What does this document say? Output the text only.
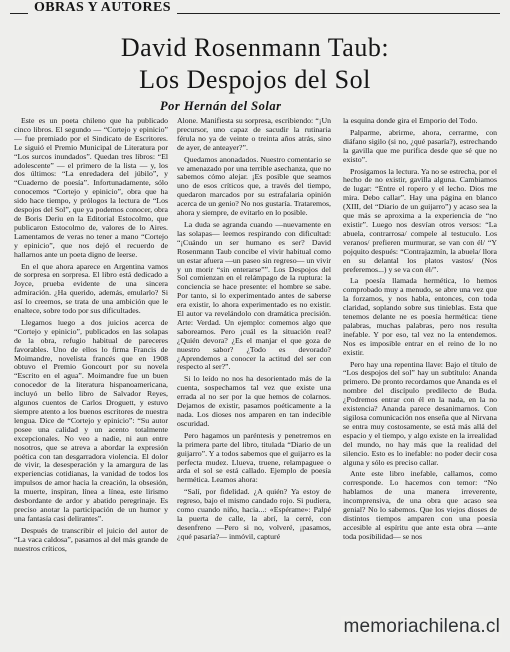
OBRAS Y AUTORES
David Rosenmann Taub:
Los Despojos del Sol
Por Hernán del Solar

Este es un poeta chileno que ha publicado cinco libros. El segundo — “Cortejo y epinicio” — fue premiado por el Sindicato de Escritores. Le siguió el Premio Municipal de Literatura por “Los surcos inundados”. Quedan tres libros: “El adolescente” — el primero de la lista — y, los dos últimos: “La enredadera del júbilo”, y “Cuaderno de poesía”. Infortunadamente, sólo conocemos “Cortejo y epinicio”, obra que ha sido hace tiempo, y prólogos la lectura de “Los despojos del Sol”, que ya podemos conocer, obra de Boris Deriu en la Editorial Estocolmo, que publicaron Estocolmo de, valores de lo Aires. Lamentamos de veras no tener a mano “Cortejo y epinicio”, que nos dejó el recuerdo de hallarnos ante un poeta digno de leerse.

En el que ahora aparece en Argentina vamos de sorpresa en sorpresa. El libro está dedicado a Joyce, prueba evidente de una sincera admiración. ¿Ha querido, además, emularlo? Si así lo creemos, se trata de una ambición que le enaltece, sobre todo por sus dificultades.

Llegamos luego a dos juicios acerca de “Cortejo y epinicio”, publicados en las solapas de la obra, refugio habitual de pareceres favorables. Uno de ellos lo firma Francis de Moimandre, novelista francés que en 1908 obtuvo el Premio Goncourt por su novela “Escrito en el agua”. Moimandre fue un buen conocedor de la literatura hispanoamericana, incluyó un bello libro de Salvador Reyes, algunos cuentos de Carlos Droguett, y estuvo siempre atento a los buenos escritores de nuestra lengua. Dice de “Cortejo y epinicio”: “Su autor posee una calidad y un acento totalmente excepcionales. No veo a nadie, ni aun entre nosotros, que se atreva a abordar la expresión poética con tan desgarradora violencia. El dolor de vivir, la desesperación y la amargura de las experiencias cotidianas, la vanidad de todos los impulsos de amor hacia la creación, la obsesión, la muerte, inspiran, línea a línea, este lirismo desbordante de ardor y abatido peregrinaje. Es preciso anotar la participación de un humor y una fantasía casi delirantes”.

Después de transcribir el juicio del autor de “La vaca caldosa”, pasamos al del más grande de nuestros críticos,

Alone. Manifiesta su sorpresa, escribiendo: “¡Un precursor, uno capaz de sacudir la rutinaria férula no ya de veinte o treinta años atrás, sino de ayer, de anteayer?”.

Quedamos anonadados. Nuestro comentario se ve amenazado por una terrible asechanza, que no sabemos cómo alejar. ¡Es posible que seamos uno de esos críticos que, a través del tiempo, quedaron marcados por su estrafalaria opinión acerca de un genio? No nos gustaría. Trataremos, ahora y siempre, de evitarlo en lo posible.

La duda se agranda cuando —nuevamente en las solapas— leemos respirando con dificultad: “¡Cuándo un ser humano es ser? David Rosenmann Taub concibe el vivir habitual como un estar afuera —un paseo sin regreso— un vivir y un morir “sin enterarse””. Los Despojos del Sol comienzan en el relámpago de la ruptura: la conciencia se hace presente: el hombre se sabe. Por tanto, si lo experimentado antes de saberse era existir, lo ahora experimentado es no existir. El autor va revelándolo con dramática precisión. Arte: Verdad. Un ejemplo: comemos algo que saboreamos. Pero ¡cuál es la situación real? ¿Quién devora? ¿Es el manjar el que goza de nuestro sabor? ¿Todo es devorado? ¿Aprendemos a conocer la actitud del ser con respecto al ser?”.

Si lo leído no nos ha desorientado más de la cuenta, sospechamos tal vez que existe una errada al no ser por la que hemos de colarnos. Dejamos de existir, pasamos poéticamente a la nada. Los dioses nos amparen en tan indecible oscuridad.

Pero hagamos un paréntesis y penetremos en la primera parte del libro, titulada “Diario de un guijarro”. Y a todos sabemos que el guijarro es la perfecta mudez. Llueva, truene, relampaguee o arda el sol se está callado. Ejemplo de poesía hermética. Leamos ahora:

“Salí, por fidelidad. ¿A quién? Ya estoy de regreso, bajo el mismo candado rojo. Si pudiera, como cuando niño, hacia...: «Espérame»: Palpé la puerta de calle, la abrí, la cerré, con desenfreno —Pero si no, volveré, ¡pasamos, ¿qué pasaría?— inmóvil, capturé

la esquina donde gira el Emporio del Todo.

Palparme, abrirme, ahora, cerrarme, con diáfano sigilo (si no, ¿qué pasaría?), estrechando la gavilla que me purifica desde que sé que no existo”.

Prosigamos la lectura. Ya no se estrecha, por el hecho de no existir, gavilla alguna. Cambiamos de lugar: “Entre el ropero y el lecho. Dios me mira. Debo callar”. Hay una página en blanco (XIII, del “Diario de un guijarro”) y acaso sea la que más se aproxima a la experiencia de “no existir”. Luego nos desvían otros versos: “La abuela, contrarrosa/ compele al testuculo. Los veranos/ prefieren murmurar, se van con él/ “Y pojquito después: “Contrajazmín, la abuela/ llora en su delantal los platos vastos/ (Nos preferemos...) y se va con él/”.

La poesía llamada hermética, lo hemos comprobado muy a menudo, se abre una vez que la forzamos, y nos habla, entonces, con toda claridad, soplando sobre sus tinieblas. Esta que tenemos delante ne es poesía hermética: tiene palabras, muchas palabras, pero nos resulta inefable. Y por eso, tal vez no la entendemos. Nos es imposible entrar en el reino de lo no existir.

Pero hay una repentina llave: Bajo el título de “Los despojos del sol” hay un subtítulo: Ananda primero. De pronto recordamos que Ananda es el nombre del discípulo predilecto de Buda. ¿Podremos entrar con él en la nada, en la no existencia? Ananda parece desanimarnos. Con sigilosa comunicación nos enseña que al Nirvana se entra muy costosamente, se está más allá del espacio y el tiempo, y algo existe en la irrealidad del mundo, no hay más que la realidad del silencio. Esto es lo inefable: no poder decir cosa alguna y sólo es preciso callar.

Ante este libro inefable, callamos, como corresponde. Lo hacemos con temor: “No hablamos de una manera irreverente, incomprensiva, de una obra que acaso sea genial? No lo sabemos. Que los viejos dioses de distintos tiempos amparen con una poesía accesible al espíritu que ante esta obra —ante toda posibilidad— se nos

memoriachilena.cl
